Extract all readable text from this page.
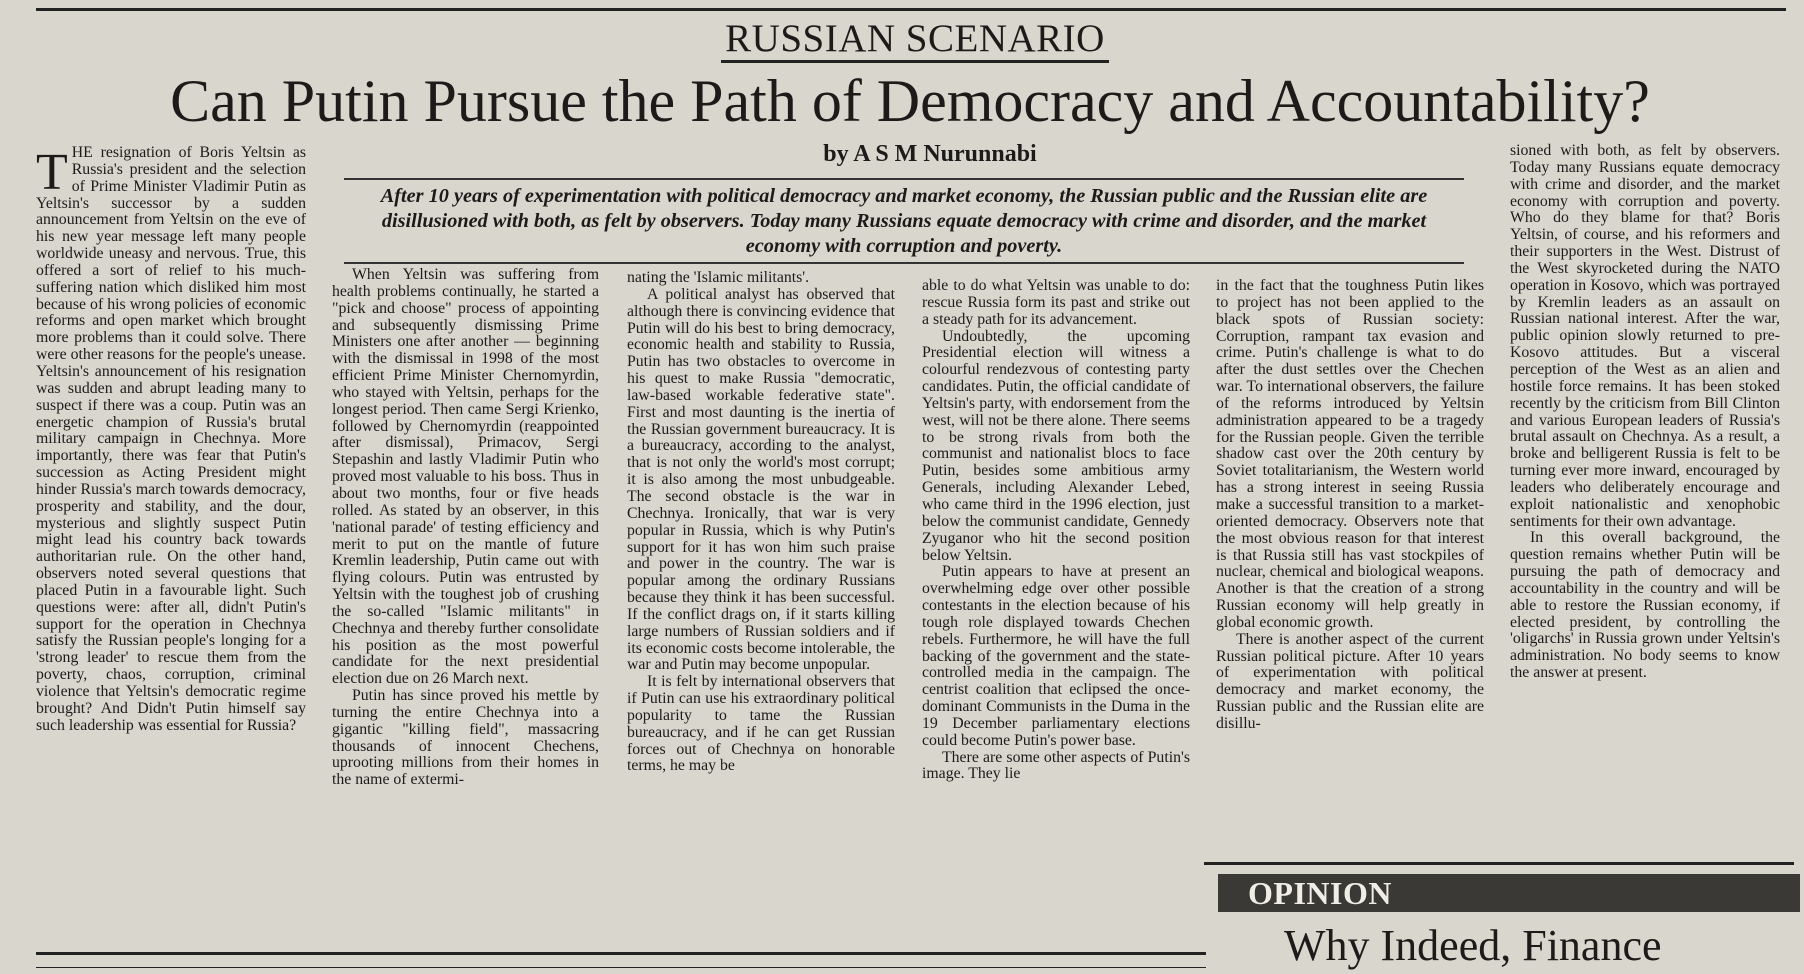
RUSSIAN SCENARIO
Can Putin Pursue the Path of Democracy and Accountability?
by A S M Nurunnabi
After 10 years of experimentation with political democracy and market economy, the Russian public and the Russian elite are disillusioned with both, as felt by observers. Today many Russians equate democracy with crime and disorder, and the market economy with corruption and poverty.

THE resignation of Boris Yeltsin as Russia's president and the selection of Prime Minister Vladimir Putin as Yeltsin's successor by a sudden announcement from Yeltsin on the eve of his new year message left many people worldwide uneasy and nervous. True, this offered a sort of relief to his much-suffering nation which disliked him most because of his wrong policies of economic reforms and open market which brought more problems than it could solve. There were other reasons for the people's unease. Yeltsin's announcement of his resignation was sudden and abrupt leading many to suspect if there was a coup. Putin was an energetic champion of Russia's brutal military campaign in Chechnya. More importantly, there was fear that Putin's succession as Acting President might hinder Russia's march towards democracy, prosperity and stability, and the dour, mysterious and slightly suspect Putin might lead his country back towards authoritarian rule. On the other hand, observers noted several questions that placed Putin in a favourable light. Such questions were: after all, didn't Putin's support for the operation in Chechnya satisfy the Russian people's longing for a 'strong leader' to rescue them from the poverty, chaos, corruption, criminal violence that Yeltsin's democratic regime brought? And Didn't Putin himself say such leadership was essential for Russia?

When Yeltsin was suffering from health problems continually, he started a "pick and choose" process of appointing and subsequently dismissing Prime Ministers one after another — beginning with the dismissal in 1998 of the most efficient Prime Minister Chernomyrdin, who stayed with Yeltsin, perhaps for the longest period. Then came Sergi Krienko, followed by Chernomyrdin (reappointed after dismissal), Primacov, Sergi Stepashin and lastly Vladimir Putin who proved most valuable to his boss. Thus in about two months, four or five heads rolled. As stated by an observer, in this 'national parade' of testing efficiency and merit to put on the mantle of future Kremlin leadership, Putin came out with flying colours. Putin was entrusted by Yeltsin with the toughest job of crushing the so-called "Islamic militants" in Chechnya and thereby further consolidate his position as the most powerful candidate for the next presidential election due on 26 March next.

Putin has since proved his mettle by turning the entire Chechnya into a gigantic "killing field", massacring thousands of innocent Chechens, uprooting millions from their homes in the name of extermi-

nating the 'Islamic militants'.

A political analyst has observed that although there is convincing evidence that Putin will do his best to bring democracy, economic health and stability to Russia, Putin has two obstacles to overcome in his quest to make Russia "democratic, law-based workable federative state". First and most daunting is the inertia of the Russian government bureaucracy. It is a bureaucracy, according to the analyst, that is not only the world's most corrupt; it is also among the most unbudgeable. The second obstacle is the war in Chechnya. Ironically, that war is very popular in Russia, which is why Putin's support for it has won him such praise and power in the country. The war is popular among the ordinary Russians because they think it has been successful. If the conflict drags on, if it starts killing large numbers of Russian soldiers and if its economic costs become intolerable, the war and Putin may become unpopular.

It is felt by international observers that if Putin can use his extraordinary political popularity to tame the Russian bureaucracy, and if he can get Russian forces out of Chechnya on honorable terms, he may be

able to do what Yeltsin was unable to do: rescue Russia form its past and strike out a steady path for its advancement.

Undoubtedly, the upcoming Presidential election will witness a colourful rendezvous of contesting party candidates. Putin, the official candidate of Yeltsin's party, with endorsement from the west, will not be there alone. There seems to be strong rivals from both the communist and nationalist blocs to face Putin, besides some ambitious army Generals, including Alexander Lebed, who came third in the 1996 election, just below the communist candidate, Gennedy Zyuganor who hit the second position below Yeltsin.

Putin appears to have at present an overwhelming edge over other possible contestants in the election because of his tough role displayed towards Chechen rebels. Furthermore, he will have the full backing of the government and the state-controlled media in the campaign. The centrist coalition that eclipsed the once-dominant Communists in the Duma in the 19 December parliamentary elections could become Putin's power base.

There are some other aspects of Putin's image. They lie

in the fact that the toughness Putin likes to project has not been applied to the black spots of Russian society: Corruption, rampant tax evasion and crime. Putin's challenge is what to do after the dust settles over the Chechen war. To international observers, the failure of the reforms introduced by Yeltsin administration appeared to be a tragedy for the Russian people. Given the terrible shadow cast over the 20th century by Soviet totalitarianism, the Western world has a strong interest in seeing Russia make a successful transition to a market-oriented democracy. Observers note that the most obvious reason for that interest is that Russia still has vast stockpiles of nuclear, chemical and biological weapons. Another is that the creation of a strong Russian economy will help greatly in global economic growth.

There is another aspect of the current Russian political picture. After 10 years of experimentation with political democracy and market economy, the Russian public and the Russian elite are disillu-

sioned with both, as felt by observers. Today many Russians equate democracy with crime and disorder, and the market economy with corruption and poverty. Who do they blame for that? Boris Yeltsin, of course, and his reformers and their supporters in the West. Distrust of the West skyrocketed during the NATO operation in Kosovo, which was portrayed by Kremlin leaders as an assault on Russian national interest. After the war, public opinion slowly returned to pre-Kosovo attitudes. But a visceral perception of the West as an alien and hostile force remains. It has been stoked recently by the criticism from Bill Clinton and various European leaders of Russia's brutal assault on Chechnya. As a result, a broke and belligerent Russia is felt to be turning ever more inward, encouraged by leaders who deliberately encourage and exploit nationalistic and xenophobic sentiments for their own advantage.

In this overall background, the question remains whether Putin will be pursuing the path of democracy and accountability in the country and will be able to restore the Russian economy, if elected president, by controlling the 'oligarchs' in Russia grown under Yeltsin's administration. No body seems to know the answer at present.

OPINION
Why Indeed, Finance
